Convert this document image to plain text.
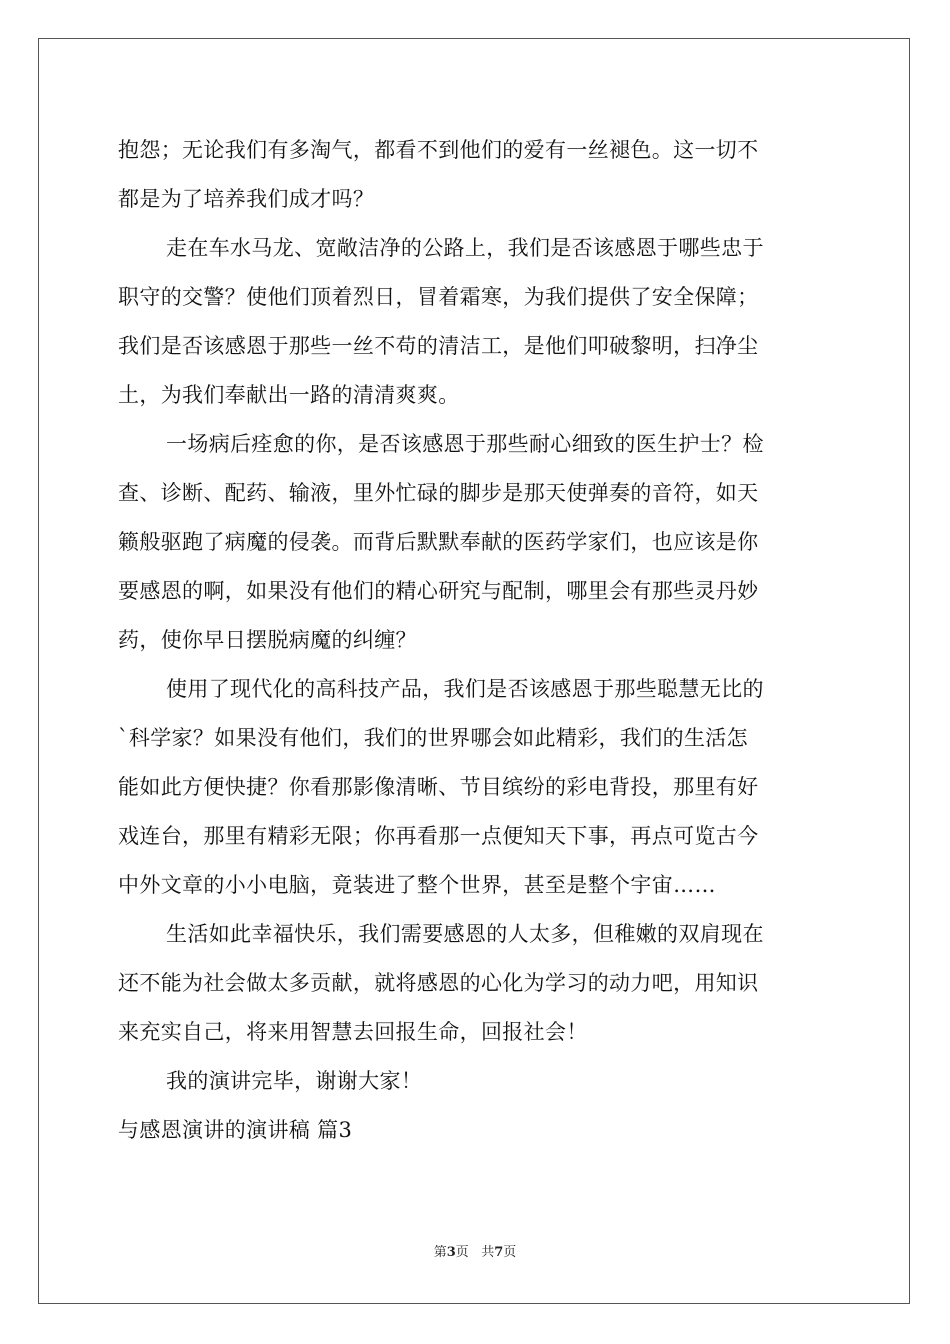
抱怨；无论我们有多淘气，都看不到他们的爱有一丝褪色。这一切不
都是为了培养我们成才吗？
走在车水马龙、宽敞洁净的公路上，我们是否该感恩于哪些忠于
职守的交警？使他们顶着烈日，冒着霜寒，为我们提供了安全保障；
我们是否该感恩于那些一丝不苟的清洁工，是他们叩破黎明，扫净尘
土，为我们奉献出一路的清清爽爽。
一场病后痊愈的你，是否该感恩于那些耐心细致的医生护士？检
查、诊断、配药、输液，里外忙碌的脚步是那天使弹奏的音符，如天
籁般驱跑了病魔的侵袭。而背后默默奉献的医药学家们，也应该是你
要感恩的啊，如果没有他们的精心研究与配制，哪里会有那些灵丹妙
药，使你早日摆脱病魔的纠缠？
使用了现代化的高科技产品，我们是否该感恩于那些聪慧无比的
`科学家？如果没有他们，我们的世界哪会如此精彩，我们的生活怎
能如此方便快捷？你看那影像清晰、节目缤纷的彩电背投，那里有好
戏连台，那里有精彩无限；你再看那一点便知天下事，再点可览古今
中外文章的小小电脑，竟装进了整个世界，甚至是整个宇宙……
生活如此幸福快乐，我们需要感恩的人太多，但稚嫩的双肩现在
还不能为社会做太多贡献，就将感恩的心化为学习的动力吧，用知识
来充实自己，将来用智慧去回报生命，回报社会！
我的演讲完毕，谢谢大家！
与感恩演讲的演讲稿 篇3
第3页 共7页
